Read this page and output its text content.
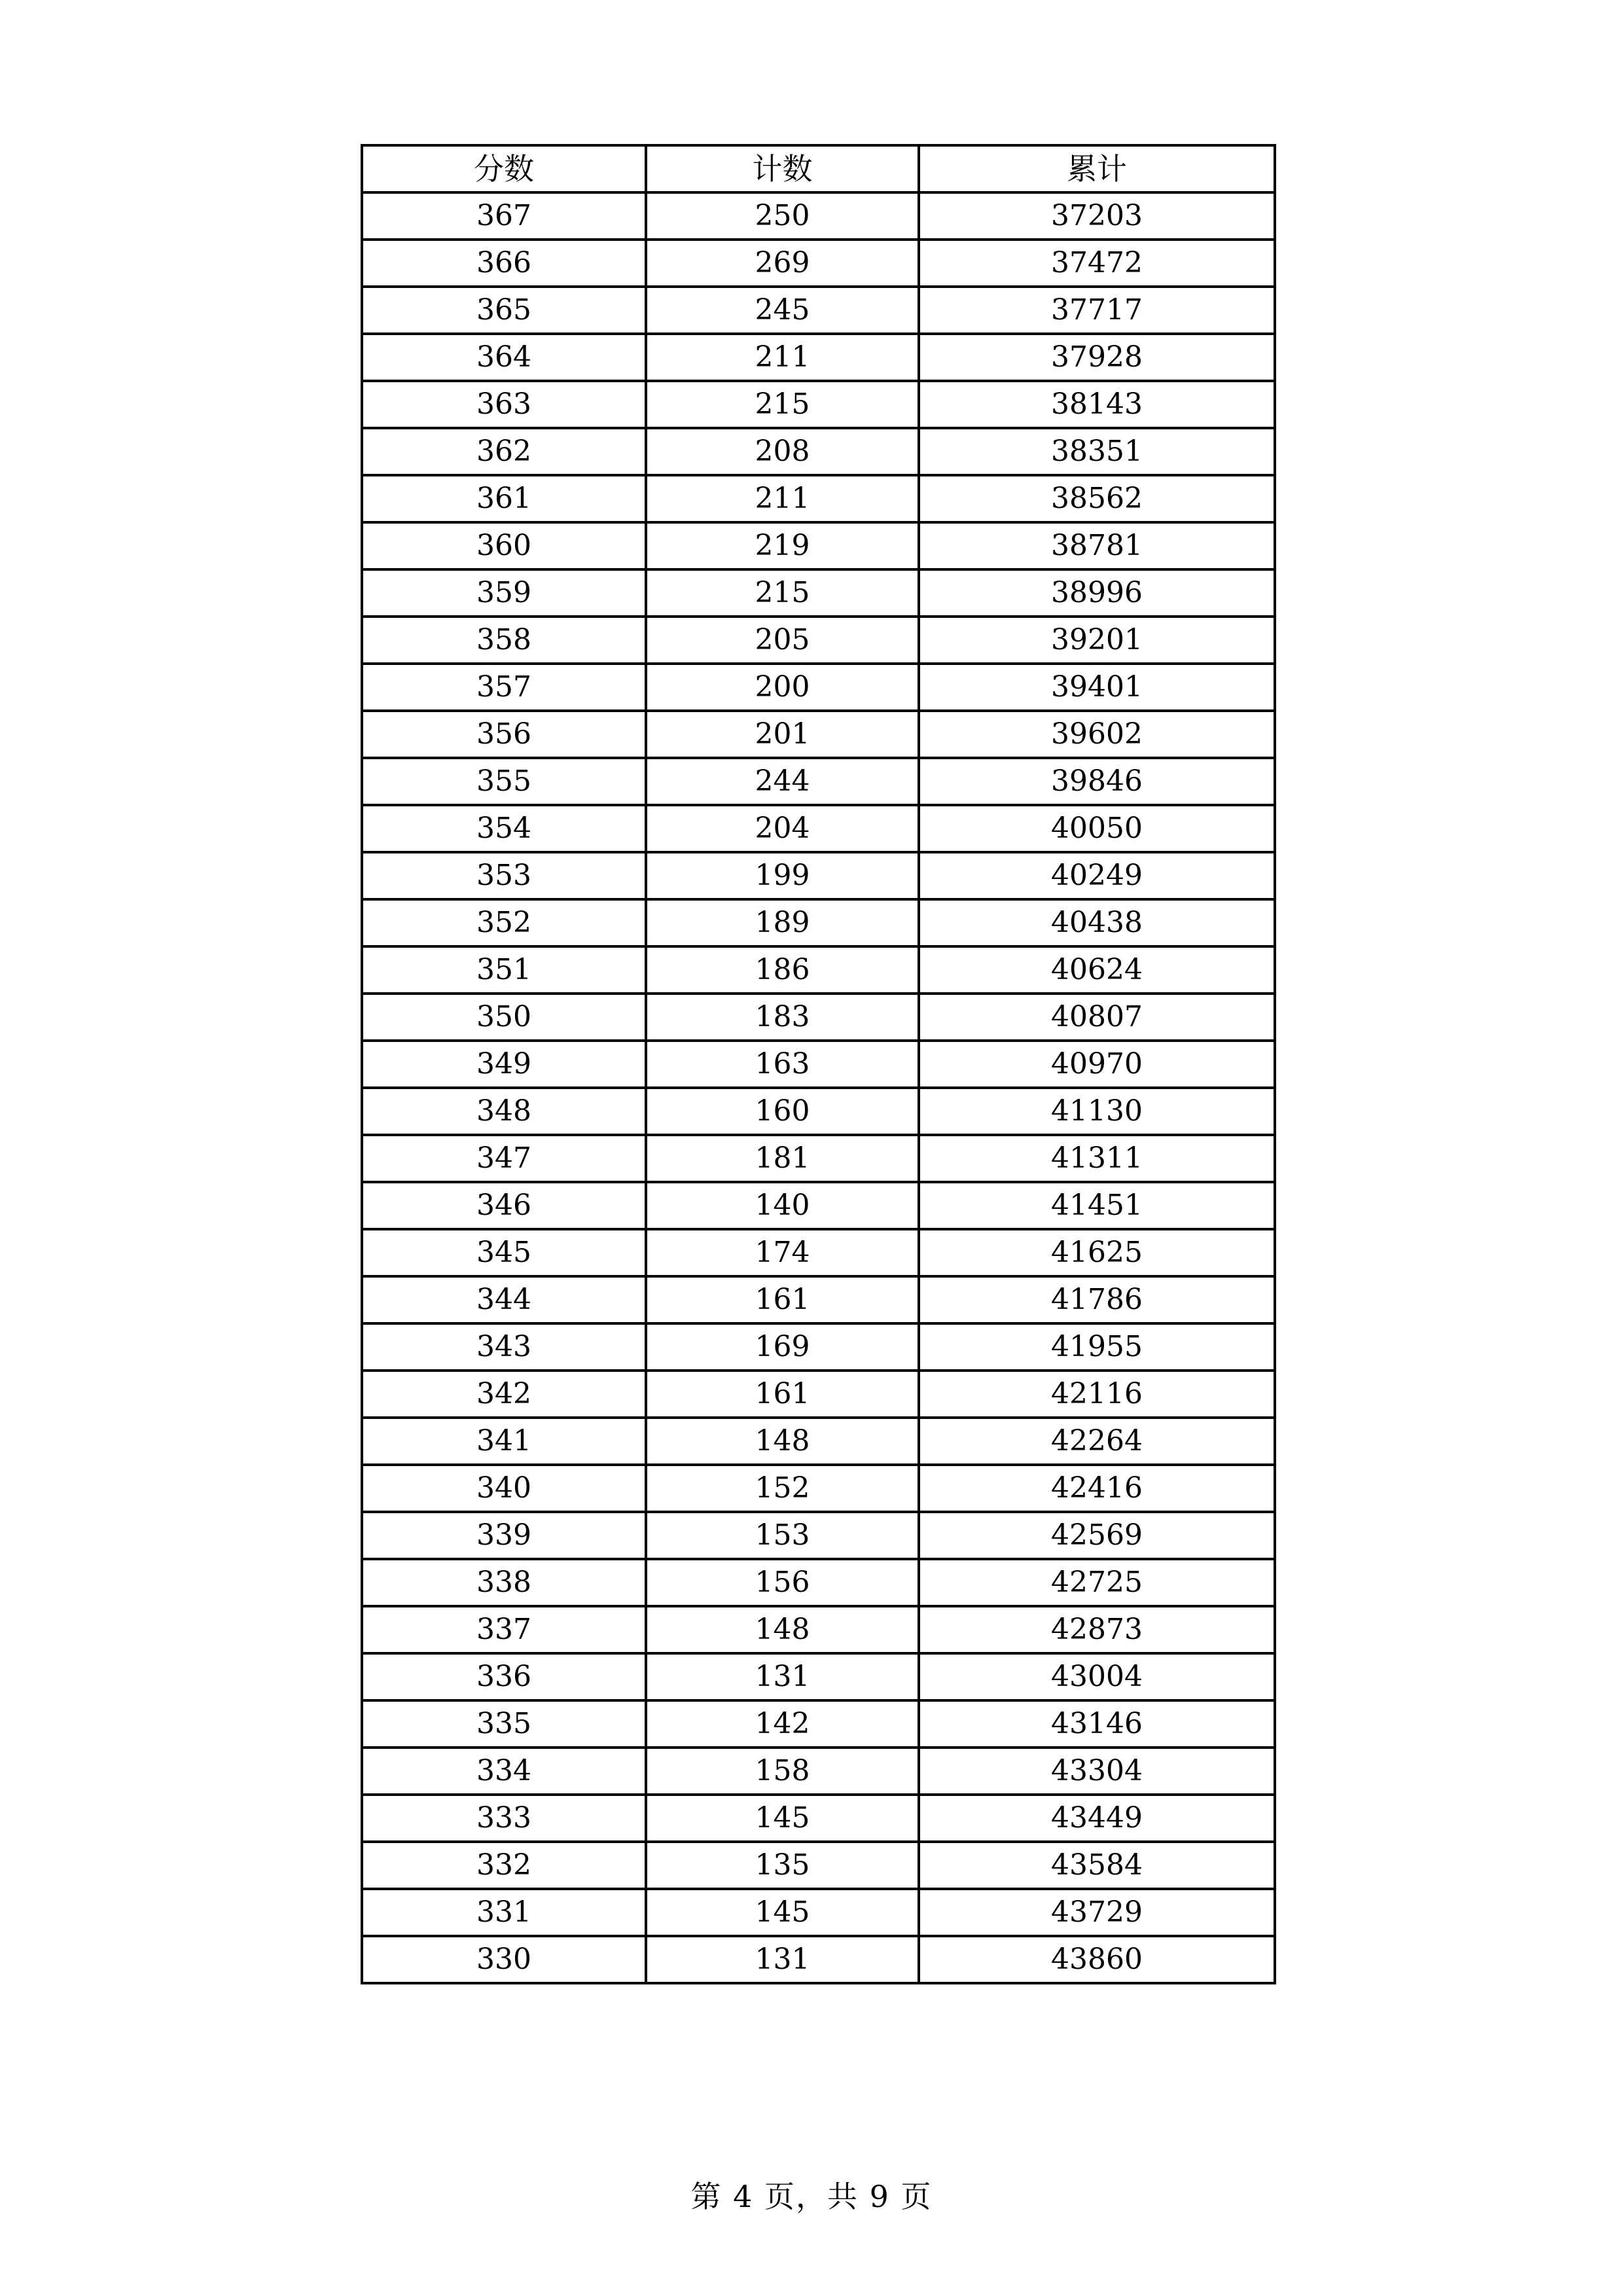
分数	计数	累计
367	250	37203
366	269	37472
365	245	37717
364	211	37928
363	215	38143
362	208	38351
361	211	38562
360	219	38781
359	215	38996
358	205	39201
357	200	39401
356	201	39602
355	244	39846
354	204	40050
353	199	40249
352	189	40438
351	186	40624
350	183	40807
349	163	40970
348	160	41130
347	181	41311
346	140	41451
345	174	41625
344	161	41786
343	169	41955
342	161	42116
341	148	42264
340	152	42416
339	153	42569
338	156	42725
337	148	42873
336	131	43004
335	142	43146
334	158	43304
333	145	43449
332	135	43584
331	145	43729
330	131	43860
第 4 页，共 9 页
